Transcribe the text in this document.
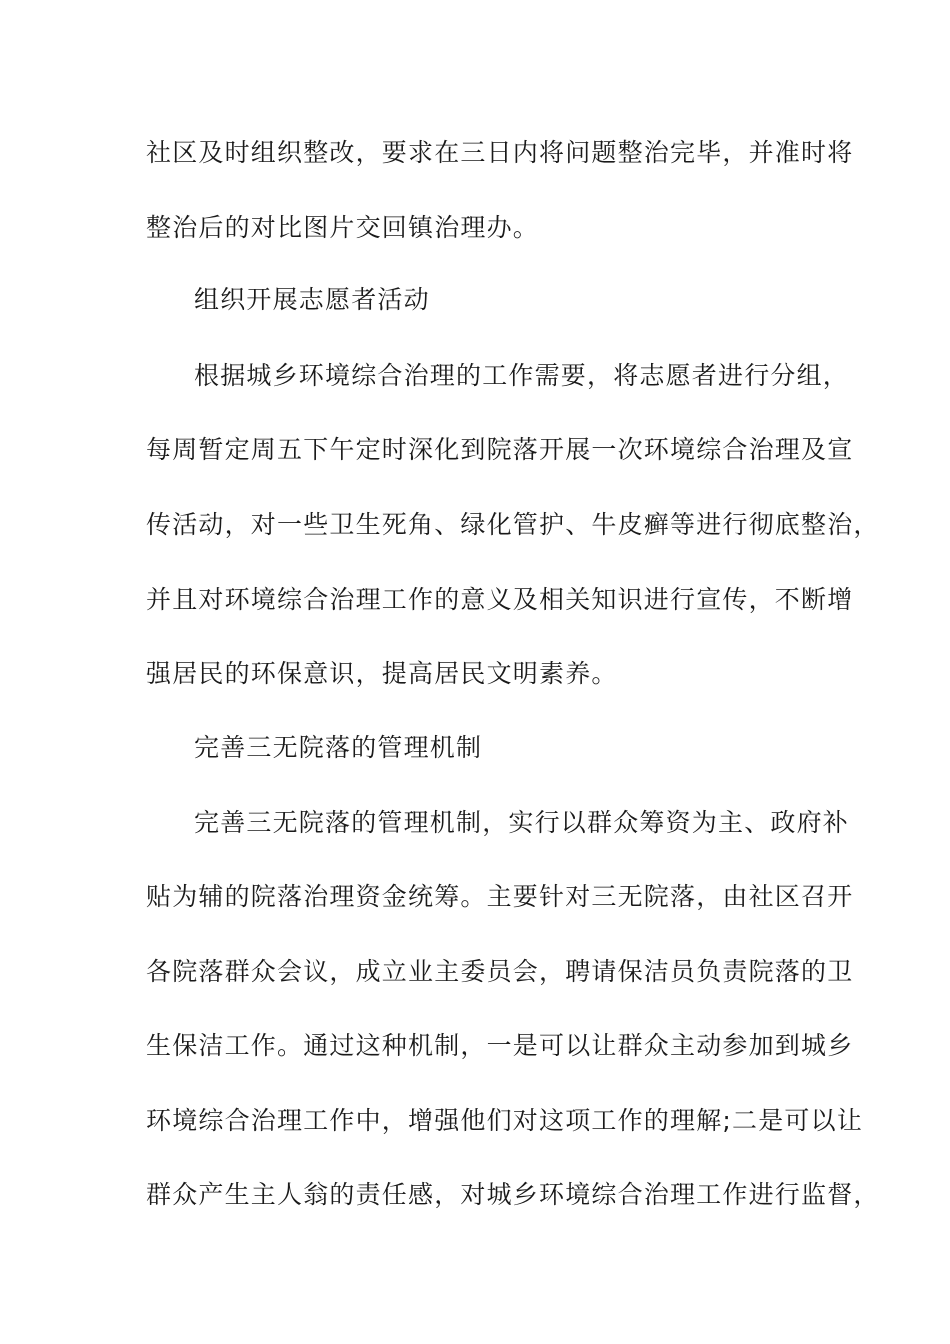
社区及时组织整改，要求在三日内将问题整治完毕，并准时将
整治后的对比图片交回镇治理办。
组织开展志愿者活动
根据城乡环境综合治理的工作需要，将志愿者进行分组，
每周暂定周五下午定时深化到院落开展一次环境综合治理及宣
传活动，对一些卫生死角、绿化管护、牛皮癣等进行彻底整治，
并且对环境综合治理工作的意义及相关知识进行宣传，不断增
强居民的环保意识，提高居民文明素养。
完善三无院落的管理机制
完善三无院落的管理机制，实行以群众筹资为主、政府补
贴为辅的院落治理资金统筹。主要针对三无院落，由社区召开
各院落群众会议，成立业主委员会，聘请保洁员负责院落的卫
生保洁工作。通过这种机制，一是可以让群众主动参加到城乡
环境综合治理工作中，增强他们对这项工作的理解;二是可以让
群众产生主人翁的责任感，对城乡环境综合治理工作进行监督，
